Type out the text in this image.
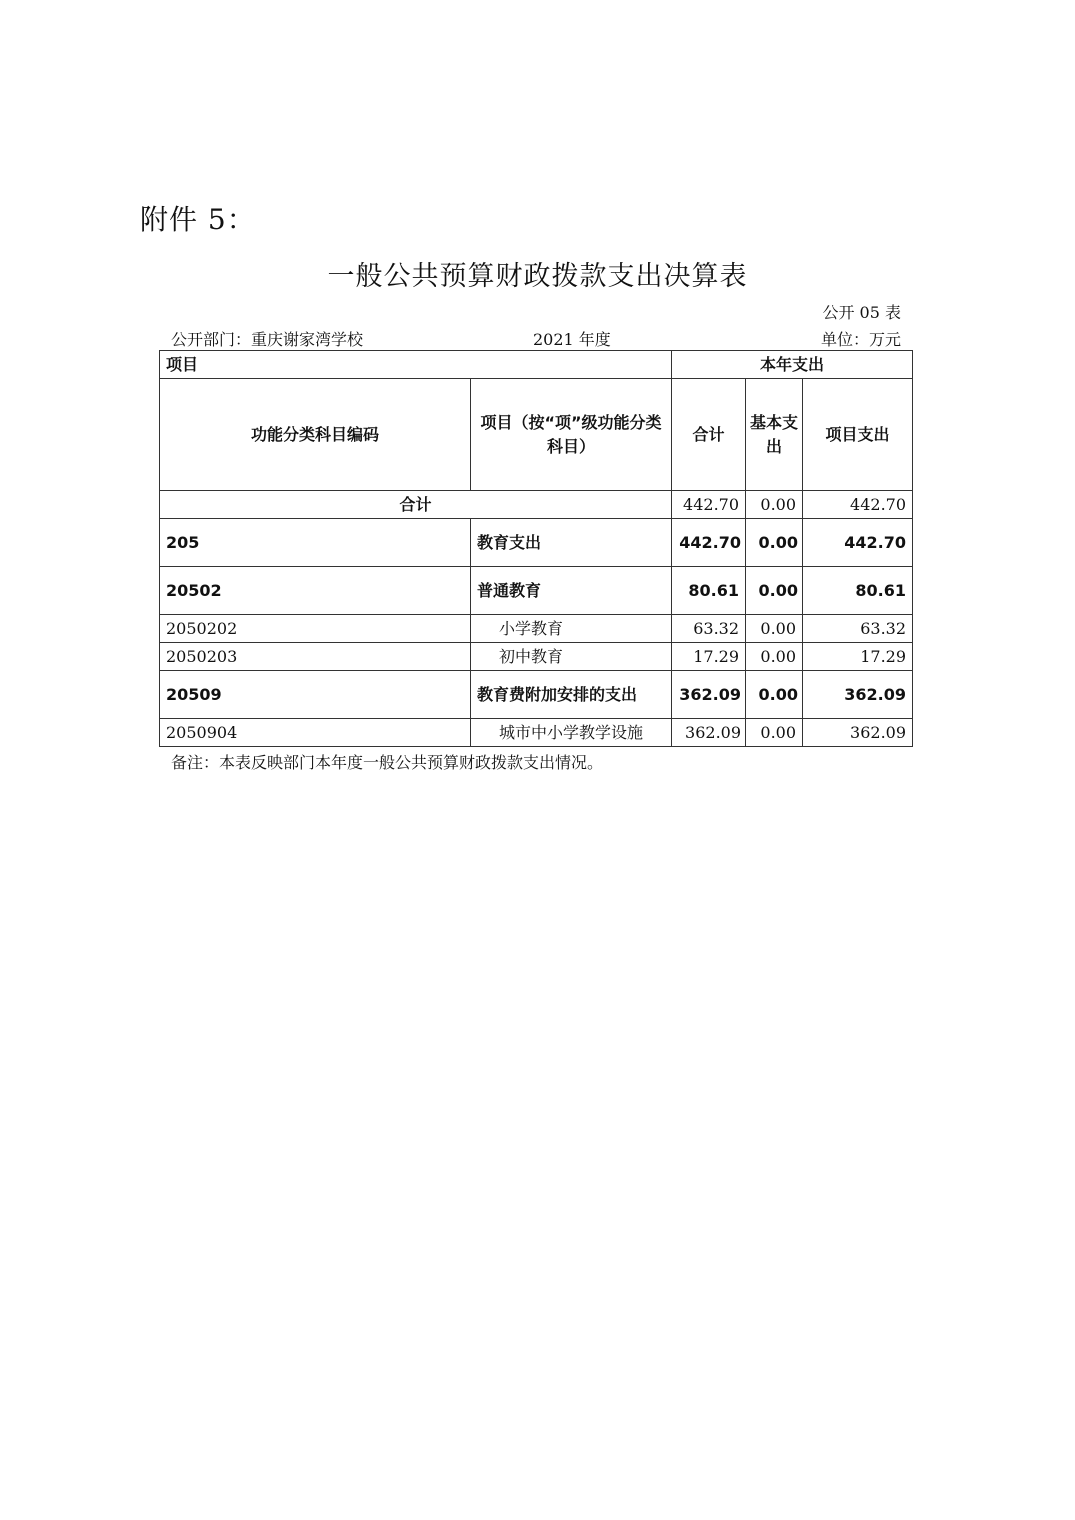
附件 5：
一般公共预算财政拨款支出决算表
公开 05 表
公开部门：重庆谢家湾学校	2021 年度	单位：万元
项目		本年支出		
功能分类科目编码	项目（按“项”级功能分类科目）	合计	基本支出	项目支出
合计		442.70	0.00	442.70
205	教育支出	442.70	0.00	442.70
20502	普通教育	80.61	0.00	80.61
2050202	小学教育	63.32	0.00	63.32
2050203	初中教育	17.29	0.00	17.29
20509	教育费附加安排的支出	362.09	0.00	362.09
2050904	城市中小学教学设施	362.09	0.00	362.09
备注：本表反映部门本年度一般公共预算财政拨款支出情况。
